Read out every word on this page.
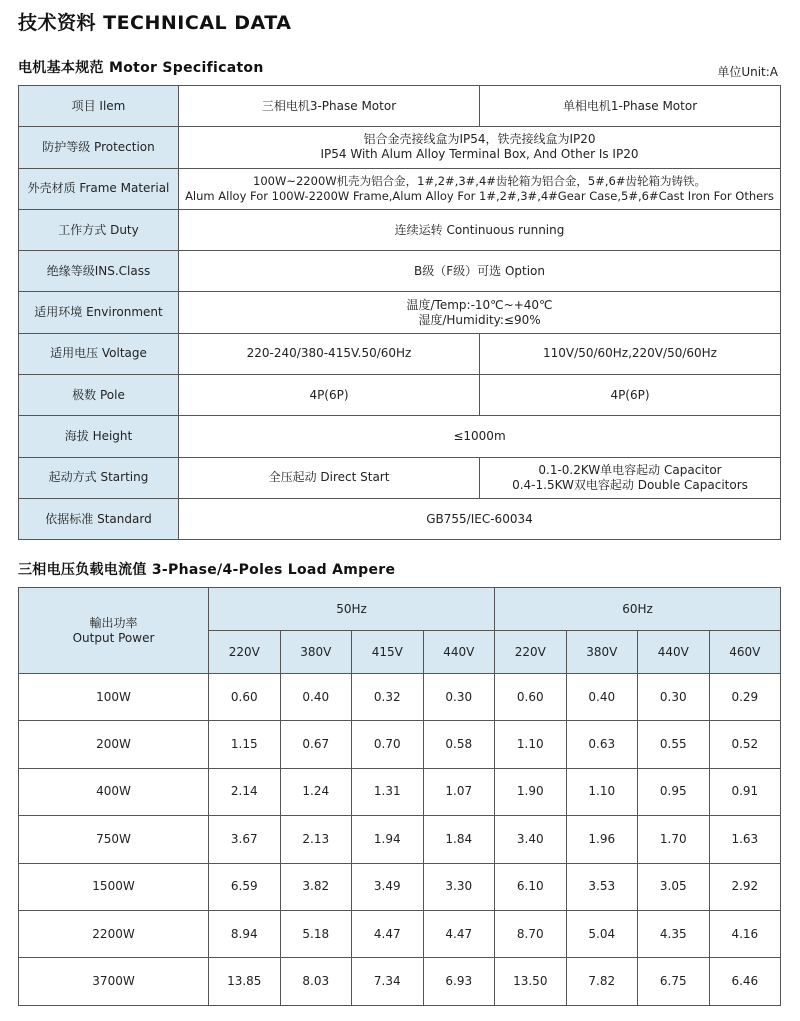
技术资料 TECHNICAL DATA
电机基本规范 Motor Specificaton	单位Unit:A
项目 Ilem	三相电机3-Phase Motor	单相电机1-Phase Motor
防护等级 Protection	铝合金壳接线盒为IP54，铁壳接线盒为IP20
IP54 With Alum Alloy Terminal Box, And Other Is IP20	

外壳材质 Frame Material	100W~2200W机壳为铝合金，1#,2#,3#,4#齿轮箱为铝合金，5#,6#齿轮箱为铸铁。
Alum Alloy For 100W-2200W Frame,Alum Alloy For 1#,2#,3#,4#Gear Case,5#,6#Cast Iron For Others	

工作方式 Duty	连续运转 Continuous running	
绝缘等级INS.Class	B级（F级）可选 Option	
适用环境 Environment	温度/Temp:-10℃~+40℃
湿度/Humidity:≤90%	

适用电压 Voltage	220-240/380-415V.50/60Hz	110V/50/60Hz,220V/50/60Hz
极数 Pole	4P(6P)	4P(6P)
海拔 Height	≤1000m	
起动方式 Starting	全压起动 Direct Start	0.1-0.2KW单电容起动 Capacitor
0.4-1.5KW双电容起动 Double Capacitors

依据标准 Standard	GB755/IEC-60034	
三相电压负载电流值 3-Phase/4-Poles Load Ampere
輸出功率
Output Power	50Hz				60Hz			
	220V	380V	415V	440V	220V	380V	440V	460V
100W	0.60	0.40	0.32	0.30	0.60	0.40	0.30	0.29
200W	1.15	0.67	0.70	0.58	1.10	0.63	0.55	0.52
400W	2.14	1.24	1.31	1.07	1.90	1.10	0.95	0.91
750W	3.67	2.13	1.94	1.84	3.40	1.96	1.70	1.63
1500W	6.59	3.82	3.49	3.30	6.10	3.53	3.05	2.92
2200W	8.94	5.18	4.47	4.47	8.70	5.04	4.35	4.16
3700W	13.85	8.03	7.34	6.93	13.50	7.82	6.75	6.46
